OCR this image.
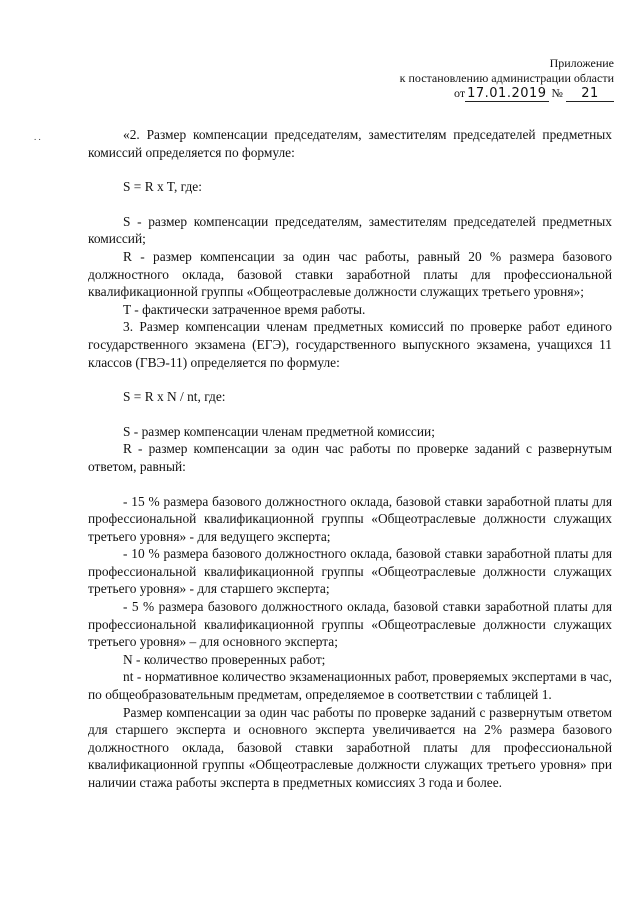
. .
Приложение
к постановлению администрации области
от 17.01.2019 № 21

«2. Размер компенсации председателям, заместителям председателей предметных комиссий определяется по формуле:

S = R x T, где:

S - размер компенсации председателям, заместителям председателей предметных комиссий;

R - размер компенсации за один час работы, равный 20 % размера базового должностного оклада, базовой ставки заработной платы для профессиональной квалификационной группы «Общеотраслевые должности служащих третьего уровня»;

T - фактически затраченное время работы.

3. Размер компенсации членам предметных комиссий по проверке работ единого государственного экзамена (ЕГЭ), государственного выпускного экзамена, учащихся 11 классов (ГВЭ-11) определяется по формуле:

S = R x N / nt, где:

S - размер компенсации членам предметной комиссии;

R - размер компенсации за один час работы по проверке заданий с развернутым ответом, равный:

- 15 % размера базового должностного оклада, базовой ставки заработной платы для профессиональной квалификационной группы «Общеотраслевые должности служащих третьего уровня» - для ведущего эксперта;

- 10 % размера базового должностного оклада, базовой ставки заработной платы для профессиональной квалификационной группы «Общеотраслевые должности служащих третьего уровня» - для старшего эксперта;

- 5 % размера базового должностного оклада, базовой ставки заработной платы для профессиональной квалификационной группы «Общеотраслевые должности служащих третьего уровня» – для основного эксперта;

N - количество проверенных работ;

nt - нормативное количество экзаменационных работ, проверяемых экспертами в час, по общеобразовательным предметам, определяемое в соответствии с таблицей 1.

Размер компенсации за один час работы по проверке заданий с развернутым ответом для старшего эксперта и основного эксперта увеличивается на 2% размера базового должностного оклада, базовой ставки заработной платы для профессиональной квалификационной группы «Общеотраслевые должности служащих третьего уровня» при наличии стажа работы эксперта в предметных комиссиях 3 года и более.
